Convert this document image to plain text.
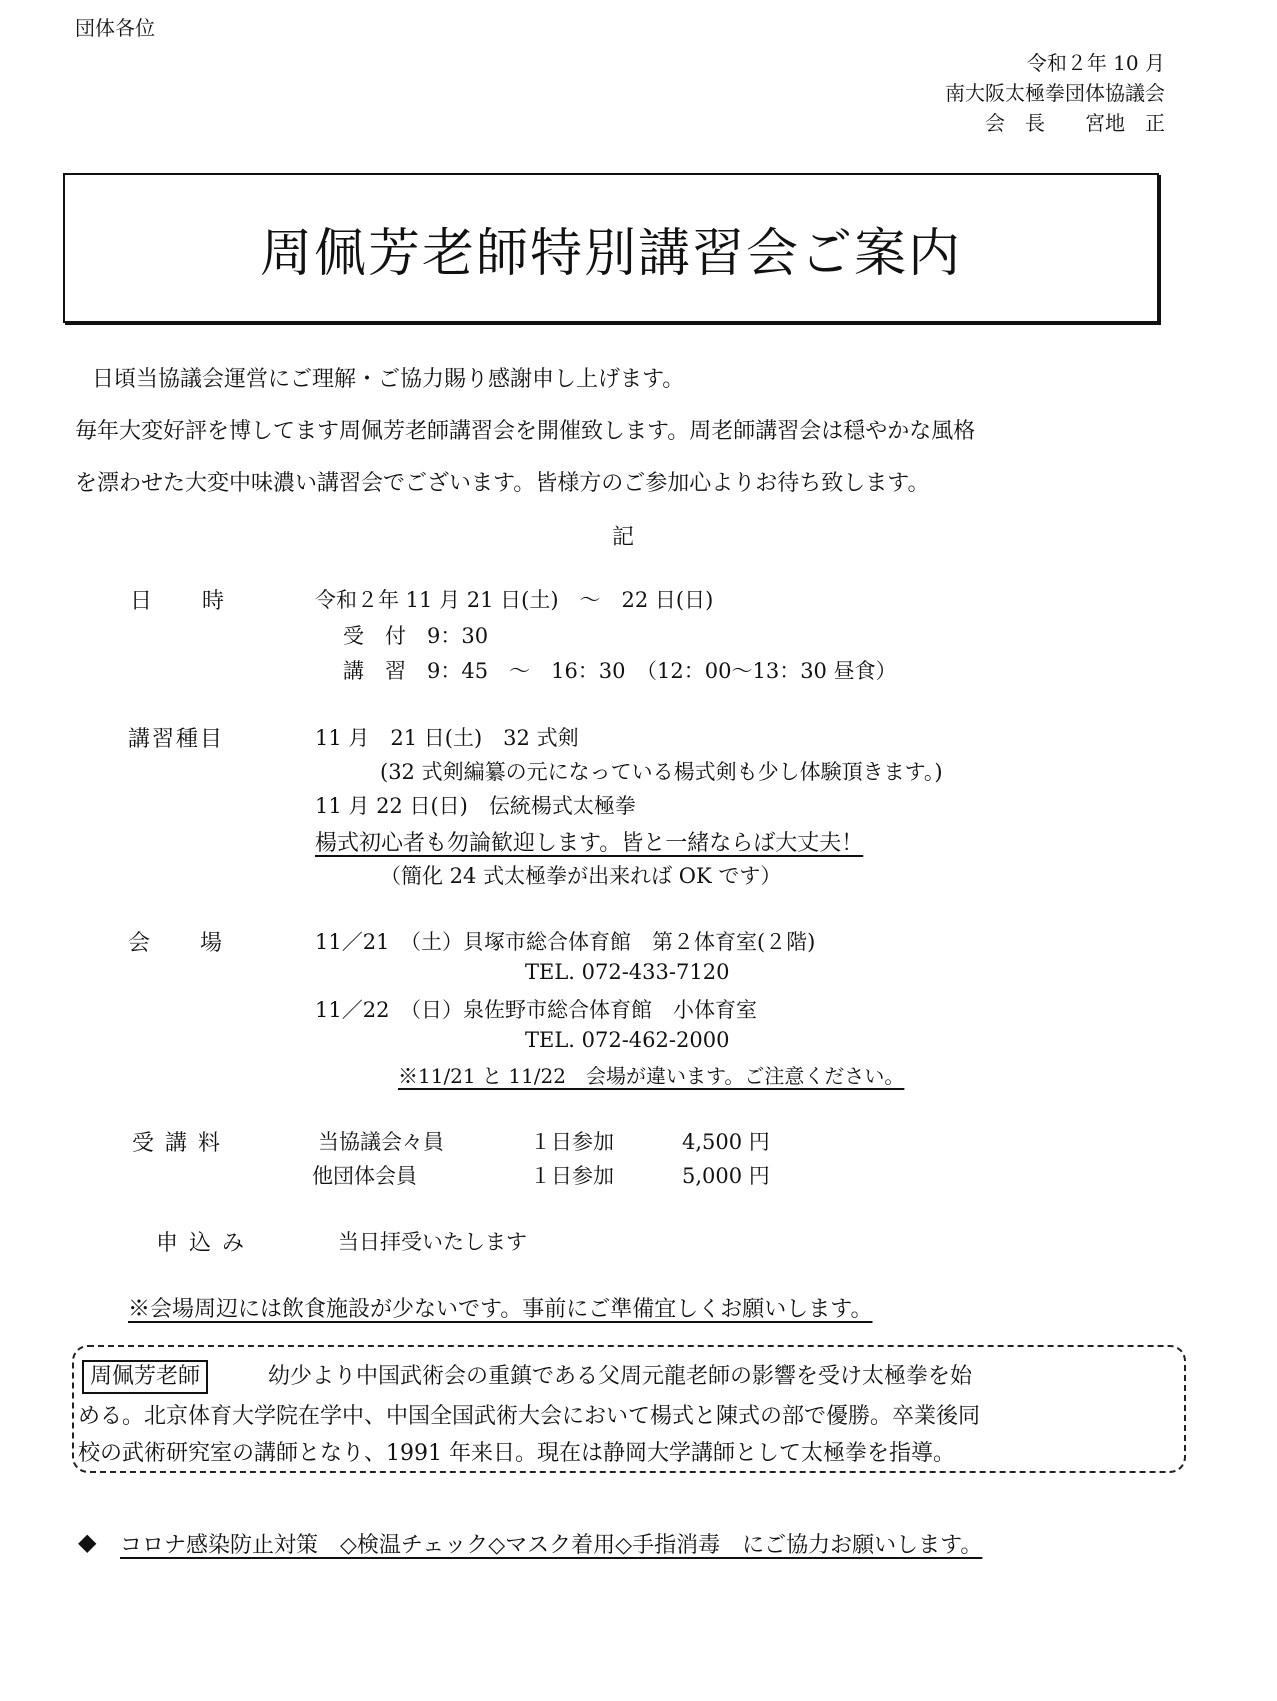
団体各位
令和２年 10 月
南大阪太極拳団体協議会
会　長　　宮地　正
周佩芳老師特別講習会ご案内
日頃当協議会運営にご理解・ご協力賜り感謝申し上げます。
毎年大変好評を博してます周佩芳老師講習会を開催致します。周老師講習会は穏やかな風格
を漂わせた大変中味濃い講習会でございます。皆様方のご参加心よりお待ち致します。
記
日　　時	令和２年 11 月 21 日(土)　～　22 日(日)
受　付　9：30
講　習　9：45　～　16：30　（12：00～13：30 昼食）
講習種目	11 月　21 日(土)　32 式剣
(32 式剣編纂の元になっている楊式剣も少し体験頂きます。)
11 月 22 日(日)　伝統楊式太極拳
楊式初心者も勿論歓迎します。皆と一緒ならば大丈夫！
（簡化 24 式太極拳が出来れば OK です）
会　　場	11／21　（土）貝塚市総合体育館　第２体育室(２階)
TEL. 072-433-7120
11／22　（日）泉佐野市総合体育館　小体育室
TEL. 072-462-2000
※11/21 と 11/22　会場が違います。ご注意ください。
受 講 料	当協議会々員	１日参加	4,500 円
他団体会員	１日参加	5,000 円
申 込 み	当日拝受いたします
※会場周辺には飲食施設が少ないです。事前にご準備宜しくお願いします。
周佩芳老師	幼少より中国武術会の重鎮である父周元龍老師の影響を受け太極拳を始
める。北京体育大学院在学中、中国全国武術大会において楊式と陳式の部で優勝。卒業後同
校の武術研究室の講師となり、1991 年来日。現在は静岡大学講師として太極拳を指導。
◆ コロナ感染防止対策　◇検温チェック◇マスク着用◇手指消毒　にご協力お願いします。
